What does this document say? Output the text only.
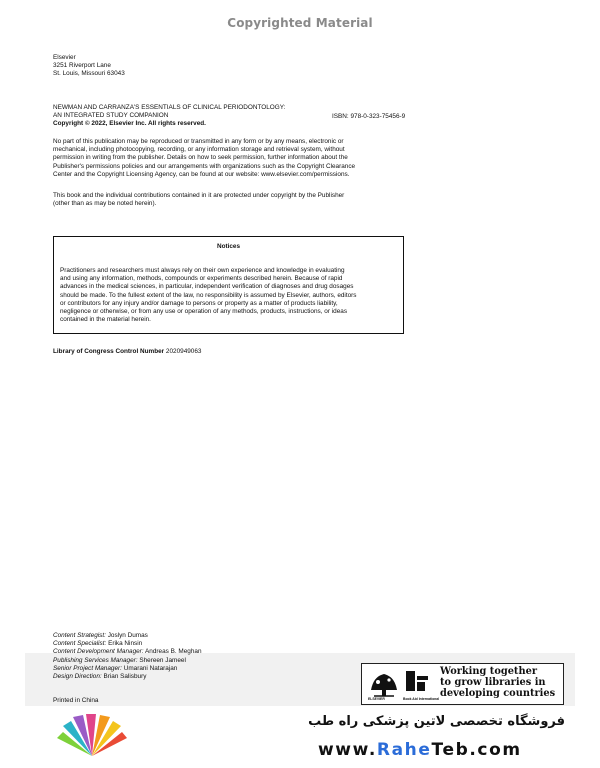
Copyrighted Material
Elsevier
3251 Riverport Lane
St. Louis, Missouri 63043
NEWMAN AND CARRANZA'S ESSENTIALS OF CLINICAL PERIODONTOLOGY:
AN INTEGRATED STUDY COMPANION
Copyright © 2022, Elsevier Inc. All rights reserved.
ISBN: 978-0-323-75456-9
No part of this publication may be reproduced or transmitted in any form or by any means, electronic or
mechanical, including photocopying, recording, or any information storage and retrieval system, without
permission in writing from the publisher. Details on how to seek permission, further information about the
Publisher's permissions policies and our arrangements with organizations such as the Copyright Clearance
Center and the Copyright Licensing Agency, can be found at our website: www.elsevier.com/permissions.
This book and the individual contributions contained in it are protected under copyright by the Publisher
(other than as may be noted herein).
Notices
Practitioners and researchers must always rely on their own experience and knowledge in evaluating
and using any information, methods, compounds or experiments described herein. Because of rapid
advances in the medical sciences, in particular, independent verification of diagnoses and drug dosages
should be made. To the fullest extent of the law, no responsibility is assumed by Elsevier, authors, editors
or contributors for any injury and/or damage to persons or property as a matter of products liability,
negligence or otherwise, or from any use or operation of any methods, products, instructions, or ideas
contained in the material herein.
Library of Congress Control Number 2020949063
Content Strategist: Joslyn Dumas
Content Specialist: Erika Ninsin
Content Development Manager: Andreas B. Meghan
Publishing Services Manager: Shereen Jameel
Senior Project Manager: Umarani Natarajan
Design Direction: Brian Salisbury
Printed in China	ELSEVIER	Book Aid International
Working together
to grow libraries in
developing countries
فروشگاه تخصصی لاتین پزشکی راه طب
www.RaheTeb.com
